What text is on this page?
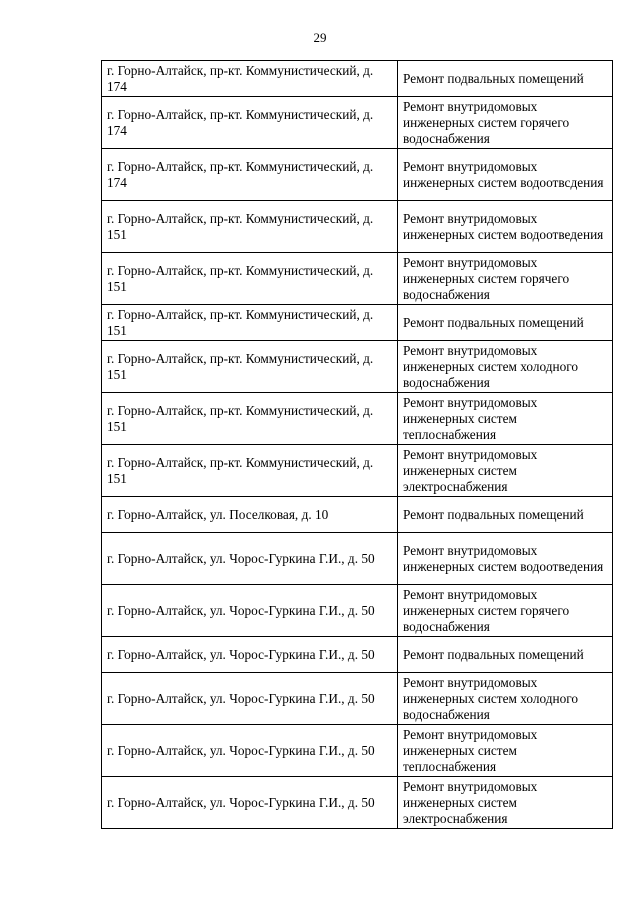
29
г. Горно-Алтайск, пр-кт. Коммунистический, д. 174	Ремонт подвальных помещений
г. Горно-Алтайск, пр-кт. Коммунистический, д. 174	Ремонт внутридомовых инженерных систем горячего водоснабжения
г. Горно-Алтайск, пр-кт. Коммунистический, д. 174	Ремонт внутридомовых инженерных систем водоотвсдения
г. Горно-Алтайск, пр-кт. Коммунистический, д. 151	Ремонт внутридомовых инженерных систем водоотведения
г. Горно-Алтайск, пр-кт. Коммунистический, д. 151	Ремонт внутридомовых инженерных систем горячего водоснабжения
г. Горно-Алтайск, пр-кт. Коммунистический, д. 151	Ремонт подвальных помещений
г. Горно-Алтайск, пр-кт. Коммунистический, д. 151	Ремонт внутридомовых инженерных систем холодного водоснабжения
г. Горно-Алтайск, пр-кт. Коммунистический, д. 151	Ремонт внутридомовых инженерных систем теплоснабжения
г. Горно-Алтайск, пр-кт. Коммунистический, д. 151	Ремонт внутридомовых инженерных систем электроснабжения
г. Горно-Алтайск, ул. Поселковая, д. 10	Ремонт подвальных помещений
г. Горно-Алтайск, ул. Чорос-Гуркина Г.И., д. 50	Ремонт внутридомовых инженерных систем водоотведения
г. Горно-Алтайск, ул. Чорос-Гуркина Г.И., д. 50	Ремонт внутридомовых инженерных систем горячего водоснабжения
г. Горно-Алтайск, ул. Чорос-Гуркина Г.И., д. 50	Ремонт подвальных помещений
г. Горно-Алтайск, ул. Чорос-Гуркина Г.И., д. 50	Ремонт внутридомовых инженерных систем холодного водоснабжения
г. Горно-Алтайск, ул. Чорос-Гуркина Г.И., д. 50	Ремонт внутридомовых инженерных систем теплоснабжения
г. Горно-Алтайск, ул. Чорос-Гуркина Г.И., д. 50	Ремонт внутридомовых инженерных систем электроснабжения
